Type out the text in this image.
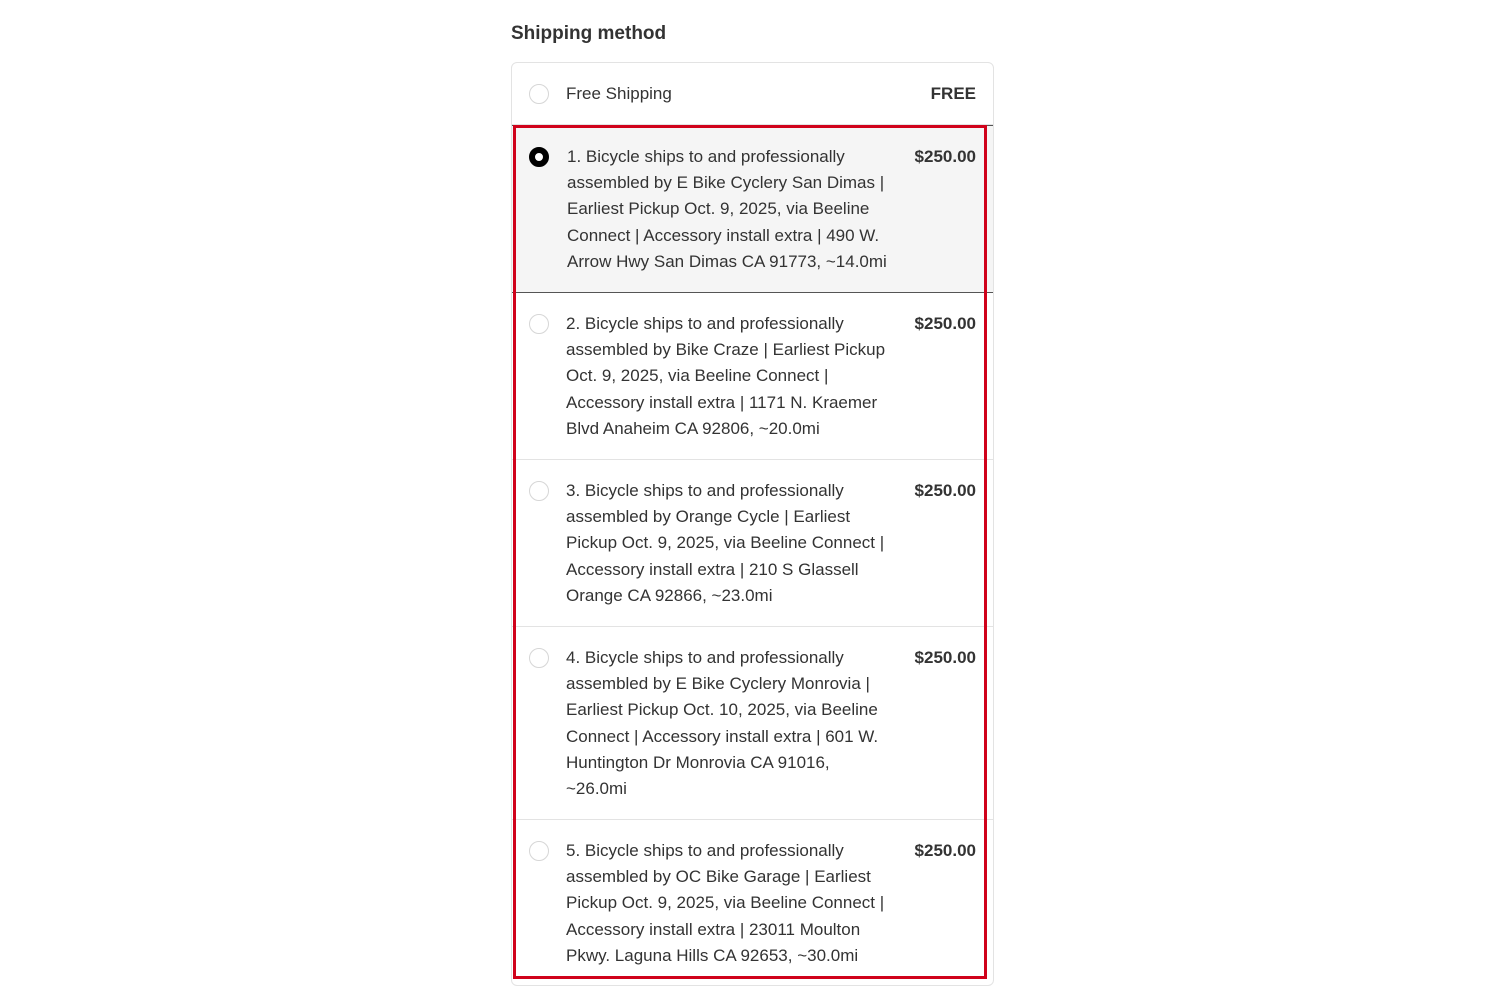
Shipping method
Free Shipping	FREE
1. Bicycle ships to and professionally assembled by E Bike Cyclery San Dimas | Earliest Pickup Oct. 9, 2025, via Beeline Connect | Accessory install extra | 490 W. Arrow Hwy San Dimas CA 91773, ~14.0mi
$250.00
2. Bicycle ships to and professionally assembled by Bike Craze | Earliest Pickup Oct. 9, 2025, via Beeline Connect | Accessory install extra | 1171 N. Kraemer Blvd Anaheim CA 92806, ~20.0mi
$250.00
3. Bicycle ships to and professionally assembled by Orange Cycle | Earliest Pickup Oct. 9, 2025, via Beeline Connect | Accessory install extra | 210 S Glassell Orange CA 92866, ~23.0mi
$250.00
4. Bicycle ships to and professionally assembled by E Bike Cyclery Monrovia | Earliest Pickup Oct. 10, 2025, via Beeline Connect | Accessory install extra | 601 W. Huntington Dr Monrovia CA 91016, ~26.0mi
$250.00
5. Bicycle ships to and professionally assembled by OC Bike Garage | Earliest Pickup Oct. 9, 2025, via Beeline Connect | Accessory install extra | 23011 Moulton Pkwy. Laguna Hills CA 92653, ~30.0mi
$250.00
